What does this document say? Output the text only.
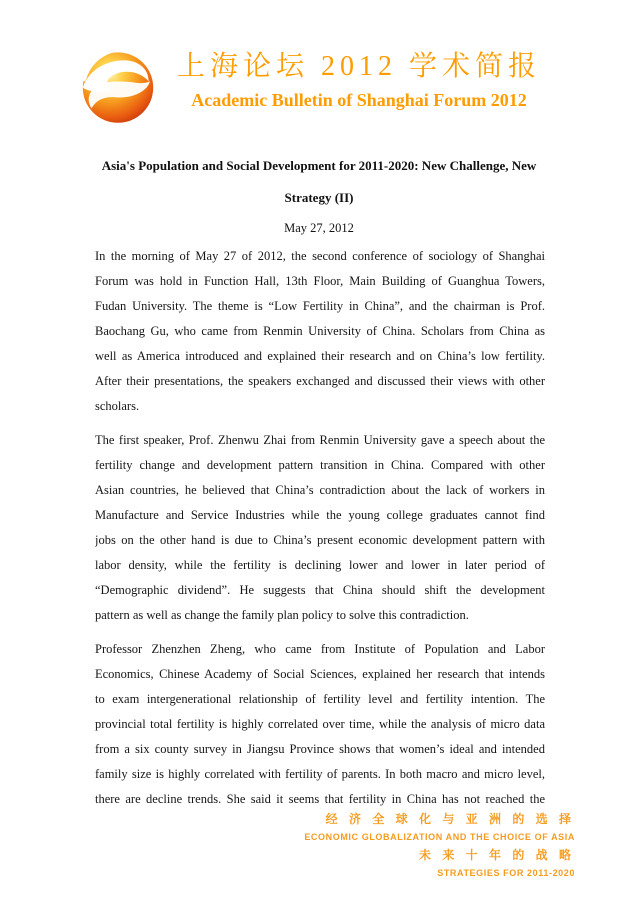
上海论坛 2012 学术简报
Academic Bulletin of Shanghai Forum 2012
Asia's Population and Social Development for 2011-2020: New Challenge, New
Strategy (II)
May 27, 2012
In the morning of May 27 of 2012, the second conference of sociology of Shanghai
Forum was hold in Function Hall, 13th Floor, Main Building of Guanghua Towers,
Fudan University. The theme is “Low Fertility in China”, and the chairman is Prof.
Baochang Gu, who came from Renmin University of China. Scholars from China as
well as America introduced and explained their research and on China’s low fertility.
After their presentations, the speakers exchanged and discussed their views with other
scholars.
The first speaker, Prof. Zhenwu Zhai from Renmin University gave a speech about the
fertility change and development pattern transition in China. Compared with other
Asian countries, he believed that China’s contradiction about the lack of workers in
Manufacture and Service Industries while the young college graduates cannot find
jobs on the other hand is due to China’s present economic development pattern with
labor density, while the fertility is declining lower and lower in later period of
“Demographic dividend”. He suggests that China should shift the development
pattern as well as change the family plan policy to solve this contradiction.
Professor Zhenzhen Zheng, who came from Institute of Population and Labor
Economics, Chinese Academy of Social Sciences, explained her research that intends
to exam intergenerational relationship of fertility level and fertility intention. The
provincial total fertility is highly correlated over time, while the analysis of micro data
from a six county survey in Jiangsu Province shows that women’s ideal and intended
family size is highly correlated with fertility of parents. In both macro and micro level,
there are decline trends. She said it seems that fertility in China has not reached the
经 济 全 球 化 与 亚 洲 的 选 择
ECONOMIC GLOBALIZATION AND THE CHOICE OF ASIA
未 来 十 年 的 战 略
STRATEGIES FOR 2011-2020
